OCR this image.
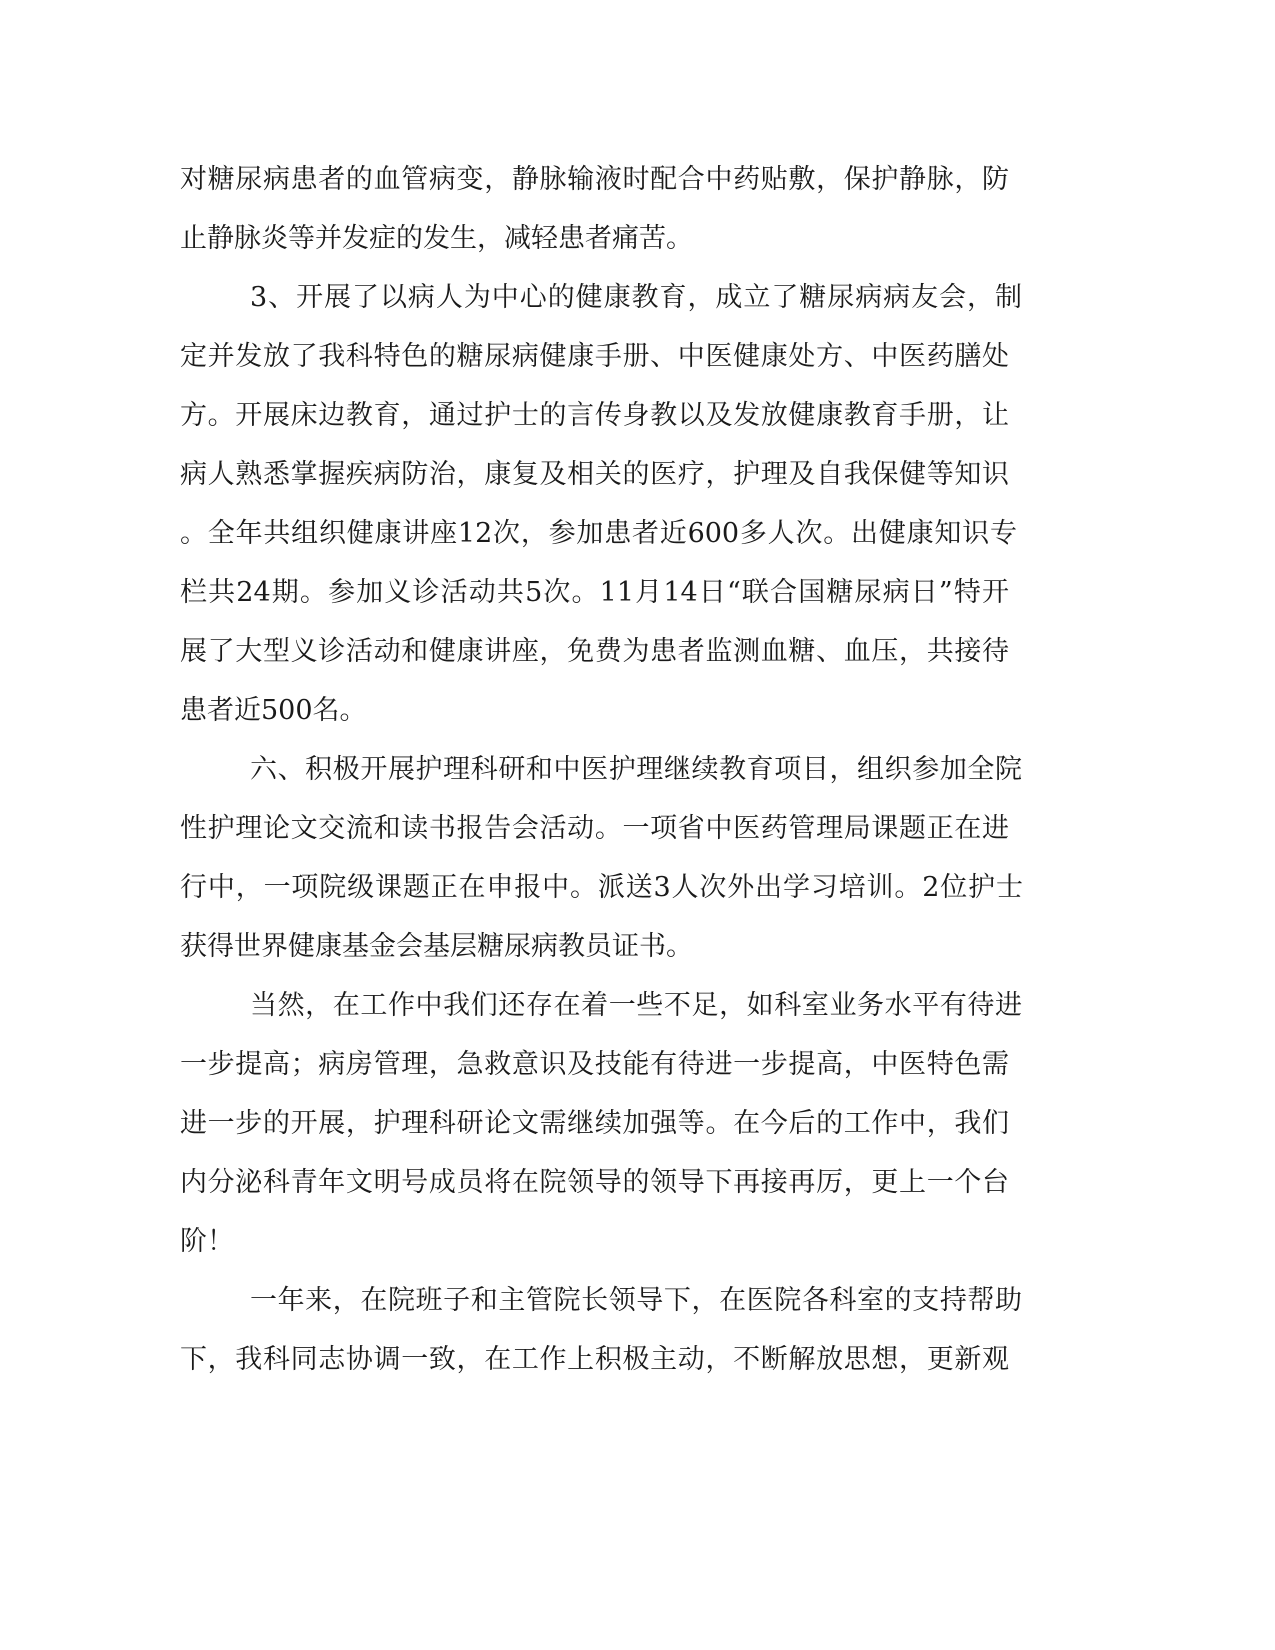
对糖尿病患者的血管病变，静脉输液时配合中药贴敷，保护静脉，防
止静脉炎等并发症的发生，减轻患者痛苦。
3、开展了以病人为中心的健康教育，成立了糖尿病病友会，制
定并发放了我科特色的糖尿病健康手册、中医健康处方、中医药膳处
方。开展床边教育，通过护士的言传身教以及发放健康教育手册，让
病人熟悉掌握疾病防治，康复及相关的医疗，护理及自我保健等知识
。全年共组织健康讲座12次，参加患者近600多人次。出健康知识专
栏共24期。参加义诊活动共5次。11月14日“联合国糖尿病日”特开
展了大型义诊活动和健康讲座，免费为患者监测血糖、血压，共接待
患者近500名。
六、积极开展护理科研和中医护理继续教育项目，组织参加全院
性护理论文交流和读书报告会活动。一项省中医药管理局课题正在进
行中，一项院级课题正在申报中。派送3人次外出学习培训。2位护士
获得世界健康基金会基层糖尿病教员证书。
当然，在工作中我们还存在着一些不足，如科室业务水平有待进
一步提高；病房管理，急救意识及技能有待进一步提高，中医特色需
进一步的开展，护理科研论文需继续加强等。在今后的工作中，我们
内分泌科青年文明号成员将在院领导的领导下再接再厉，更上一个台
阶！
一年来，在院班子和主管院长领导下，在医院各科室的支持帮助
下，我科同志协调一致，在工作上积极主动，不断解放思想，更新观
